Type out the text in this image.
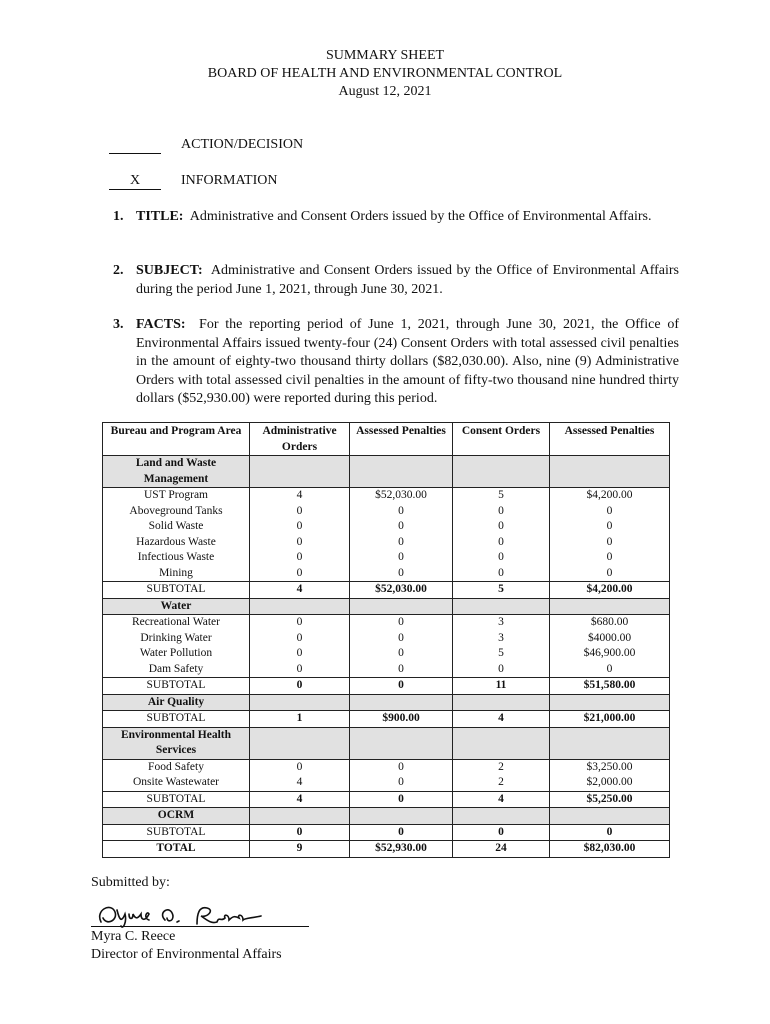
SUMMARY SHEET
BOARD OF HEALTH AND ENVIRONMENTAL CONTROL
August 12, 2021
ACTION/DECISION
X	INFORMATION
1. TITLE: Administrative and Consent Orders issued by the Office of Environmental Affairs.
2. SUBJECT: Administrative and Consent Orders issued by the Office of Environmental Affairs during the period June 1, 2021, through June 30, 2021.
3. FACTS: For the reporting period of June 1, 2021, through June 30, 2021, the Office of Environmental Affairs issued twenty-four (24) Consent Orders with total assessed civil penalties in the amount of eighty-two thousand thirty dollars ($82,030.00). Also, nine (9) Administrative Orders with total assessed civil penalties in the amount of fifty-two thousand nine hundred thirty dollars ($52,930.00) were reported during this period.
Bureau and Program Area	Administrative Orders	Assessed Penalties	Consent Orders	Assessed Penalties
Land and Waste Management				
UST Program	4	$52,030.00	5	$4,200.00
Aboveground Tanks	0	0	0	0
Solid Waste	0	0	0	0
Hazardous Waste	0	0	0	0
Infectious Waste	0	0	0	0
Mining	0	0	0	0
SUBTOTAL	4	$52,030.00	5	$4,200.00
Water				
Recreational Water	0	0	3	$680.00
Drinking Water	0	0	3	$4000.00
Water Pollution	0	0	5	$46,900.00
Dam Safety	0	0	0	0
SUBTOTAL	0	0	11	$51,580.00
Air Quality				
SUBTOTAL	1	$900.00	4	$21,000.00
Environmental Health Services				
Food Safety	0	0	2	$3,250.00
Onsite Wastewater	4	0	2	$2,000.00
SUBTOTAL	4	0	4	$5,250.00
OCRM				
SUBTOTAL	0	0	0	0
TOTAL	9	$52,930.00	24	$82,030.00
Submitted by:
Myra C. Reece
Director of Environmental Affairs
